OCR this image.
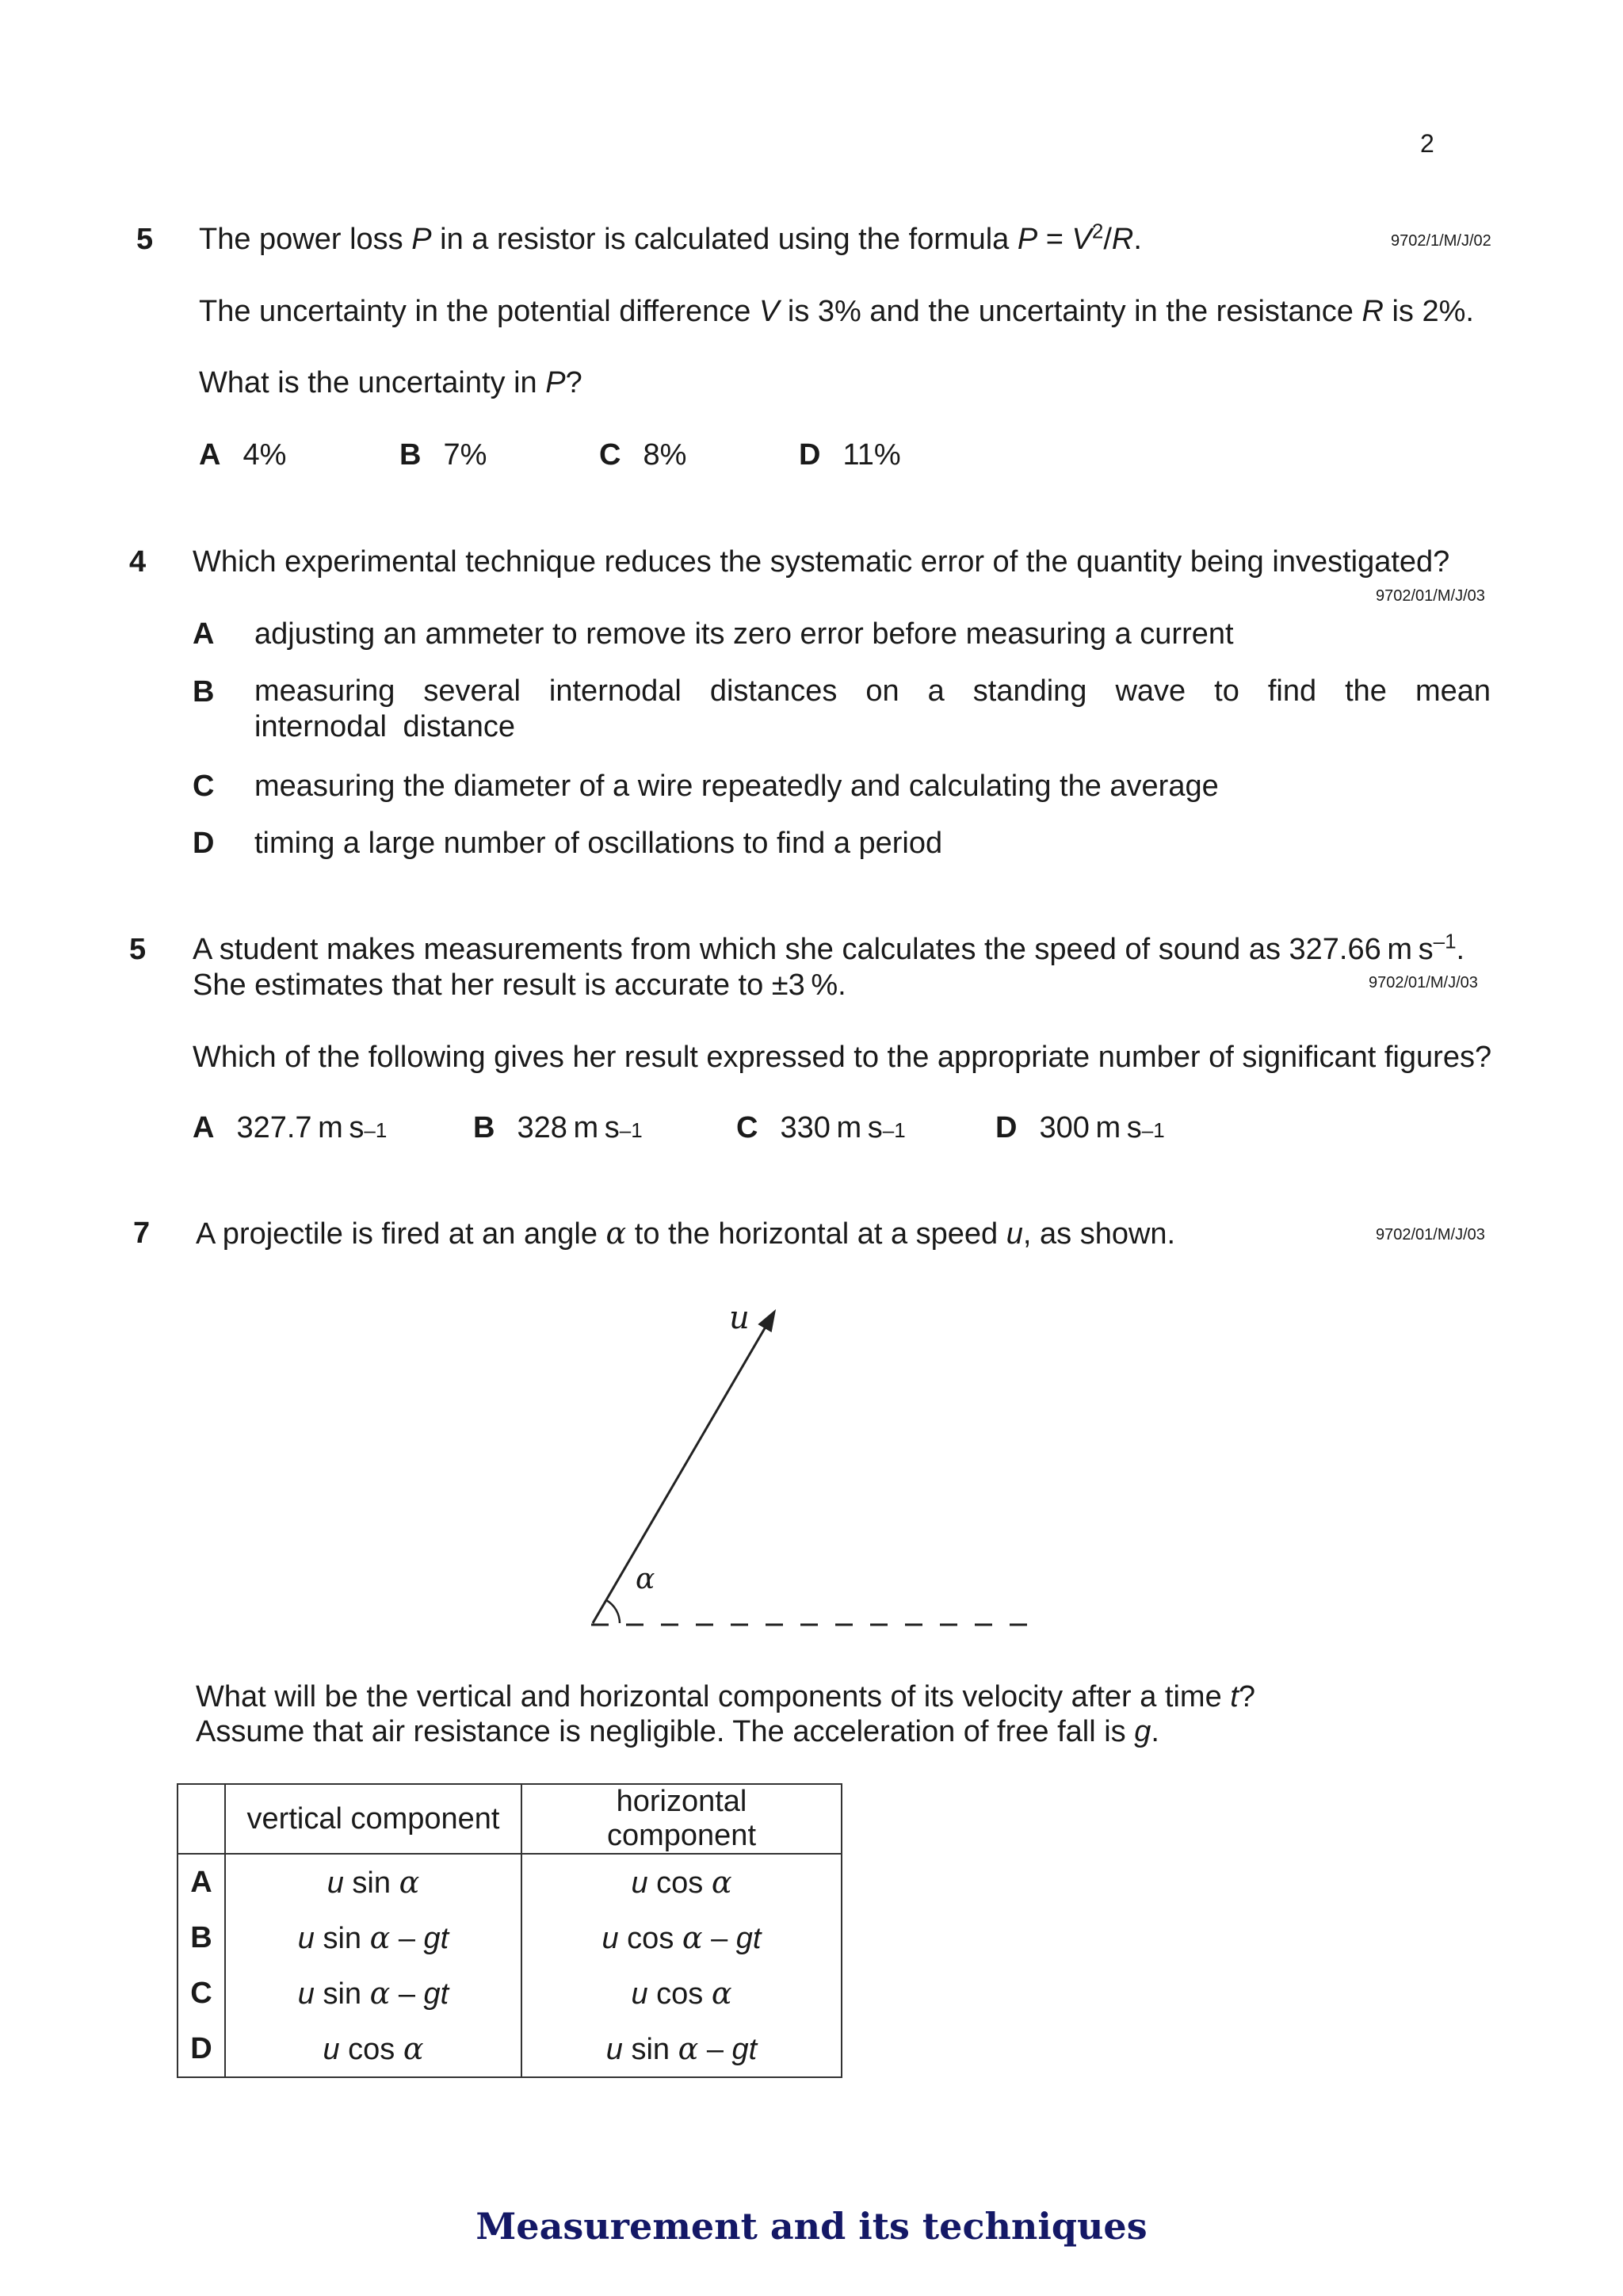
2
5 The power loss P in a resistor is calculated using the formula $P = V^2/R$.	9702/1/M/J/02
The uncertainty in the potential difference V is 3% and the uncertainty in the resistance R is 2%.
What is the uncertainty in P?
A 4%	B 7%	C 8%	D 11%
4 Which experimental technique reduces the systematic error of the quantity being investigated?
9702/01/M/J/03
A adjusting an ammeter to remove its zero error before measuring a current
B measuring several internodal distances on a standing wave to find the mean internodal distance
C measuring the diameter of a wire repeatedly and calculating the average
D timing a large number of oscillations to find a period
5 A student makes measurements from which she calculates the speed of sound as 327.66 m $s^{-1}$.
She estimates that her result is accurate to ±3 %.	9702/01/M/J/03
Which of the following gives her result expressed to the appropriate number of significant figures?
A 327.7 m s –1	B 328 m s –1	C 330 m s –1	D 300 m s –1
7 A projectile is fired at an angle α to the horizontal at a speed u, as shown.	9702/01/M/J/03
u
α
What will be the vertical and horizontal components of its velocity after a time t?
Assume that air resistance is negligible. The acceleration of free fall is g.
	vertical component	horizontal component
A	u sin α	u cos α
B	u sin α – gt	u cos α – gt
C	u sin α – gt	u cos α
D	u cos α	u sin α – gt
Measurement and its techniques
